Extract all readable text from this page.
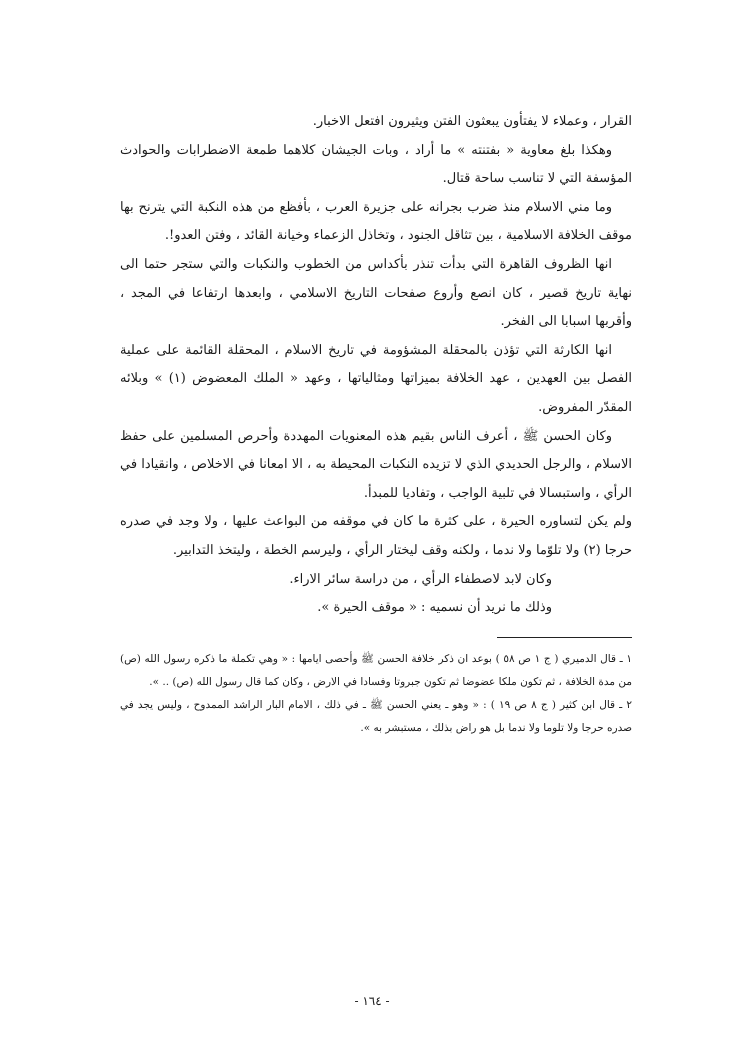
القرار ، وعملاء لا يفتأون يبعثون الفتن ويثيرون افتعل الاخبار.

وهكذا بلغ معاوية « بفتنته » ما أراد ، وبات الجيشان كلاهما طمعة الاضطرابات والحوادث المؤسفة التي لا تناسب ساحة قتال.

وما مني الاسلام منذ ضرب بجرانه على جزيرة العرب ، بأفظع من هذه النكبة التي يترنح بها موقف الخلافة الاسلامية ، بين تثاقل الجنود ، وتخاذل الزعماء وخيانة القائد ، وفتن العدو!.

انها الظروف القاهرة التي بدأت تنذر بأكداس من الخطوب والنكبات والتي ستجر حتما الى نهاية تاريخ قصير ، كان انصع وأروع صفحات التاريخ الاسلامي ، وابعدها ارتفاعا في المجد ، وأقربها اسبابا الى الفخر.

انها الكارثة التي تؤذن بالمحقلة المشؤومة في تاريخ الاسلام ، المحقلة القائمة على عملية الفصل بين العهدين ، عهد الخلافة بميزاتها ومثالياتها ، وعهد « الملك المعضوض (١) » وبلائه المقدّر المفروض.

وكان الحسن ﷺ ، أعرف الناس بقيم هذه المعنويات المهددة وأحرص المسلمين على حفظ الاسلام ، والرجل الحديدي الذي لا تزيده النكبات المحيطة به ، الا امعانا في الاخلاص ، وانقيادا في الرأي ، واستبسالا في تلبية الواجب ، وتفاديا للمبدأ.

ولم يكن لتساوره الحيرة ، على كثرة ما كان في موقفه من البواعث عليها ، ولا وجد في صدره حرجا (٢) ولا تلوّما ولا ندما ، ولكنه وقف ليختار الرأي ، وليرسم الخطة ، وليتخذ التدابير.

وكان لابد لاصطفاء الرأي ، من دراسة سائر الاراء.

وذلك ما نريد أن نسميه : « موقف الحيرة ».

١ ـ قال الدميري ( ج ١ ص ٥٨ ) بوعد ان ذكر خلافة الحسن ﷺ وأحصى ايامها : « وهي تكملة ما ذكره رسول الله (ص) من مدة الخلافة ، ثم تكون ملكا عضوضا ثم تكون جبروتا وفسادا في الارض ، وكان كما قال رسول الله (ص) .. ».

٢ ـ قال ابن كثير ( ج ٨ ص ١٩ ) : « وهو ـ يعني الحسن ﷺ ـ في ذلك ، الامام البار الراشد الممدوح ، وليس يجد في صدره حرجا ولا تلوما ولا ندما بل هو راض بذلك ، مستبشر به ».

- ١٦٤ -
